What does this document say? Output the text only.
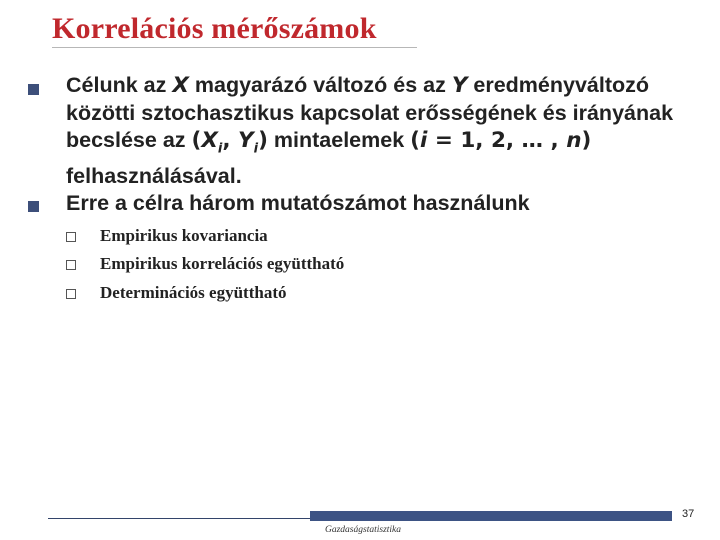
Korrelációs mérőszámok
Célunk az X magyarázó változó és az Y eredményváltozó
közötti sztochasztikus kapcsolat erősségének és irányának
becslése az ($X_i$, $Y_i$) mintaelemek (i = 1, 2, … , n)
felhasználásával.
Erre a célra három mutatószámot használunk
Empirikus kovariancia
Empirikus korrelációs együttható
Determinációs együttható
37
Gazdaságstatisztika
